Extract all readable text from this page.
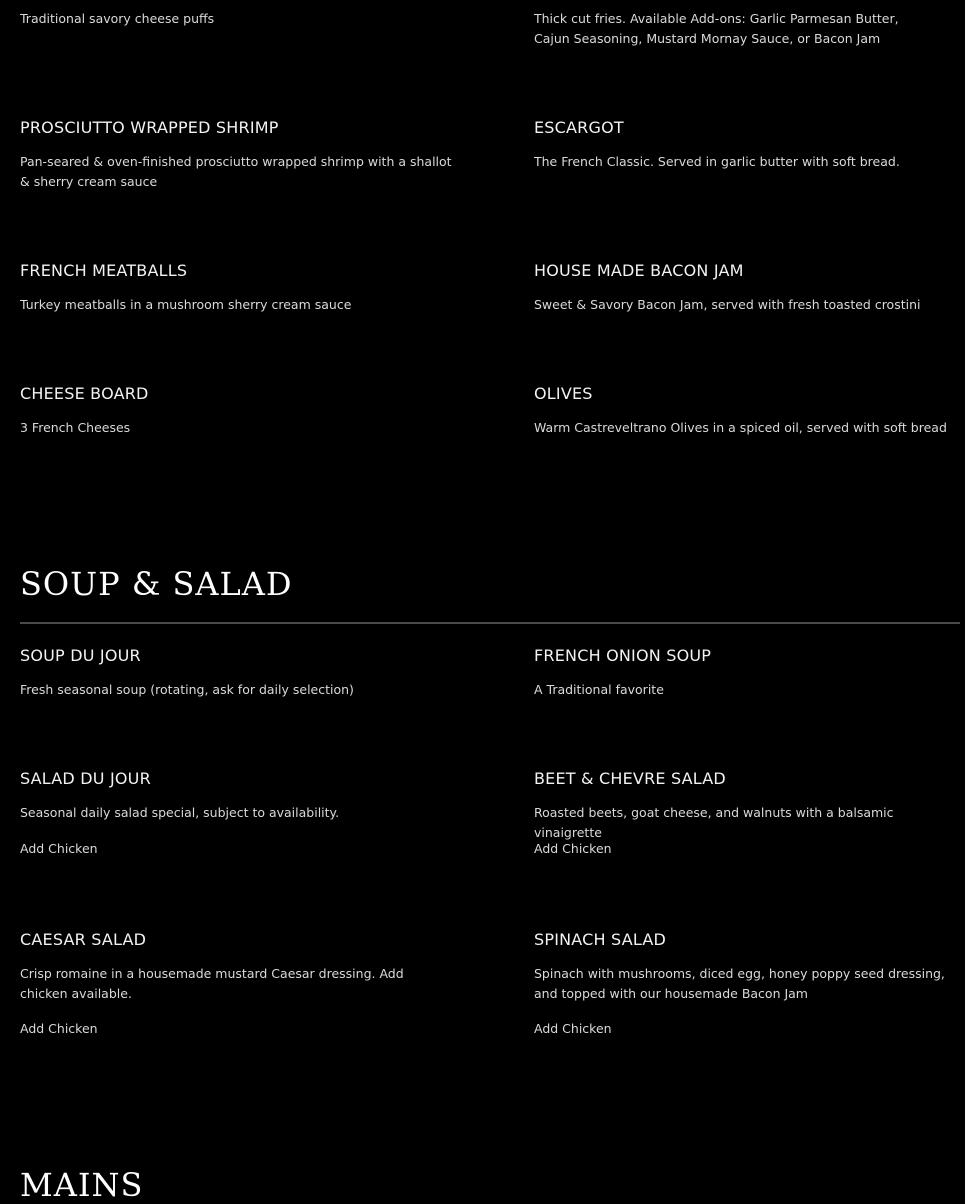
Traditional savory cheese puffs	Thick cut fries. Available Add-ons: Garlic Parmesan Butter, Cajun Seasoning, Mustard Mornay Sauce, or Bacon Jam
PROSCIUTTO WRAPPED SHRIMP
Pan-seared & oven-finished prosciutto wrapped shrimp with a shallot & sherry cream sauce
ESCARGOT
The French Classic. Served in garlic butter with soft bread.
FRENCH MEATBALLS
Turkey meatballs in a mushroom sherry cream sauce
HOUSE MADE BACON JAM
Sweet & Savory Bacon Jam, served with fresh toasted crostini
CHEESE BOARD
3 French Cheeses
OLIVES
Warm Castreveltrano Olives in a spiced oil, served with soft bread
SOUP & SALAD
SOUP DU JOUR
Fresh seasonal soup (rotating, ask for daily selection)
FRENCH ONION SOUP
A Traditional favorite
SALAD DU JOUR
Seasonal daily salad special, subject to availability.
Add Chicken
BEET & CHEVRE SALAD
Roasted beets, goat cheese, and walnuts with a balsamic vinaigrette
Add Chicken
CAESAR SALAD
Crisp romaine in a housemade mustard Caesar dressing. Add chicken available.
Add Chicken
SPINACH SALAD
Spinach with mushrooms, diced egg, honey poppy seed dressing, and topped with our housemade Bacon Jam
Add Chicken
MAINS
